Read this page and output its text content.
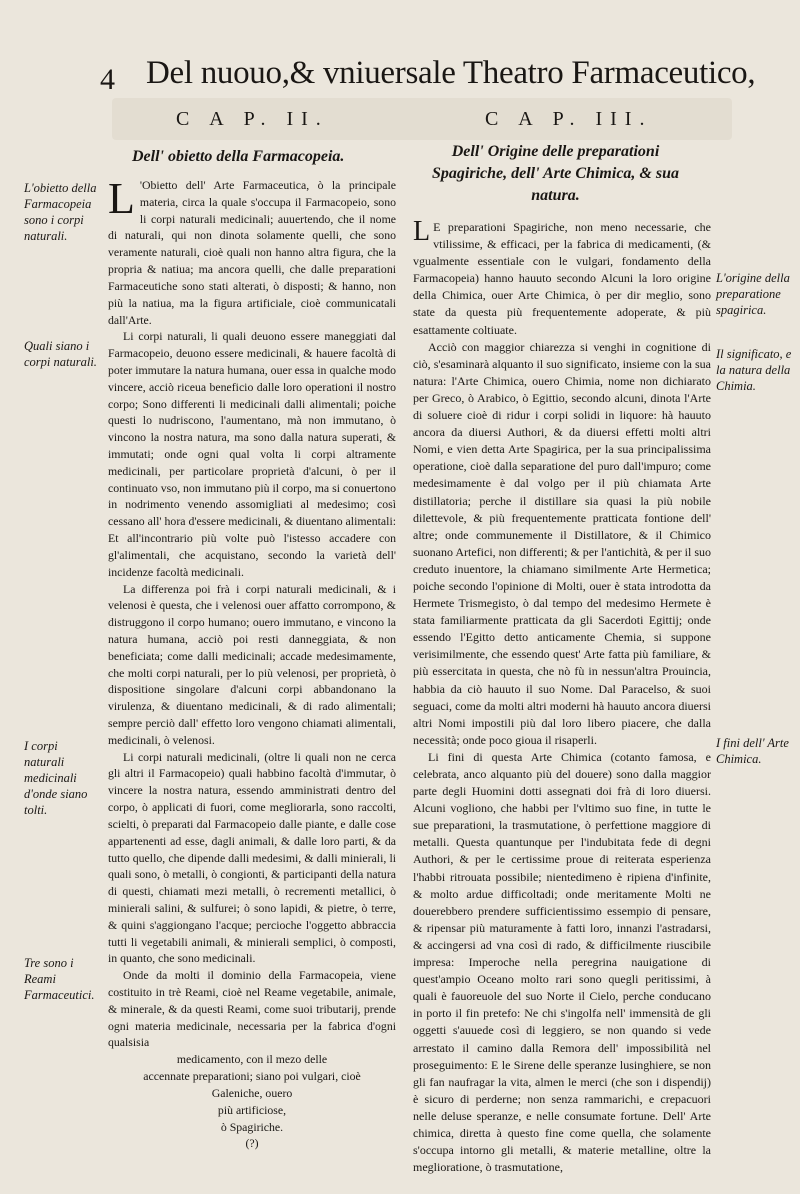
4 Del nuouo,& vniuersale Theatro Farmaceutico,
C A P. II.	C A P. III.
Dell' obietto della Farmacopeia.	Dell' Origine delle preparationi Spagiriche, dell' Arte Chimica, & sua natura.
L'obietto della Farmacopeia sono i corpi naturali.
Quali siano i corpi naturali.
I corpi naturali medicinali d'onde siano tolti.
Tre sono i Reami Farmaceutici.
L'origine della preparatione spagirica.
Il significato, e la natura della Chimia.
I fini dell' Arte Chimica.

L 'Obietto dell' Arte Farmaceutica, ò la principale materia, circa la quale s'occupa il Farmacopeio, sono li corpi naturali medicinali; auuertendo, che il nome di naturali, qui non dinota solamente quelli, che sono veramente naturali, cioè quali non hanno altra figura, che la propria & natiua; ma ancora quelli, che dalle preparationi Farmaceutiche sono stati alterati, ò disposti; & hanno, non più la natiua, ma la figura artificiale, cioè communicatali dall'Arte.

Li corpi naturali, li quali deuono essere maneggiati dal Farmacopeio, deuono essere medicinali, & hauere facoltà di poter immutare la natura humana, ouer essa in qualche modo vincere, acciò riceua beneficio dalle loro operationi il nostro corpo; Sono differenti li medicinali dalli alimentali; poiche questi lo nudriscono, l'aumentano, mà non immutano, ò vincono la nostra natura, ma sono dalla natura superati, & immutati; onde ogni qual volta li corpi altramente medicinali, per particolare proprietà d'alcuni, ò per il continuato vso, non immutano più il corpo, ma si conuertono in nodrimento venendo assomigliati al medesimo; così cessano all' hora d'essere medicinali, & diuentano alimentali: Et all'incontrario più volte può l'istesso accadere con gl'alimentali, che acquistano, secondo la varietà dell' incidenze facoltà medicinali.

La differenza poi frà i corpi naturali medicinali, & i velenosi è questa, che i velenosi ouer affatto corrompono, & distruggono il corpo humano; ouero immutano, e vincono la natura humana, acciò poi resti danneggiata, & non beneficiata; come dalli medicinali; accade medesimamente, che molti corpi naturali, per lo più velenosi, per proprietà, ò dispositione singolare d'alcuni corpi abbandonano la virulenza, & diuentano medicinali, & di rado alimentali; sempre perciò dall' effetto loro vengono chiamati alimentali, medicinali, ò velenosi.

Li corpi naturali medicinali, (oltre li quali non ne cerca gli altri il Farmacopeio) quali habbino facoltà d'immutar, ò vincere la nostra natura, essendo amministrati dentro del corpo, ò applicati di fuori, come megliorarla, sono raccolti, scielti, ò preparati dal Farmacopeio dalle piante, e dalle cose appartenenti ad esse, dagli animali, & dalle loro parti, & da tutto quello, che dipende dalli medesimi, & dalli minierali, li quali sono, ò metalli, ò congionti, & participanti della natura di questi, chiamati mezi metalli, ò recrementi metallici, ò minierali salini, & sulfurei; ò sono lapidi, & pietre, ò terre, & quini s'aggiongano l'acque; percioche l'oggetto abbraccia tutti li vegetabili animali, & minierali semplici, ò composti, in quanto, che sono medicinali.

Onde da molti il dominio della Farmacopeia, viene costituito in trè Reami, cioè nel Reame vegetabile, animale, & minerale, & da questi Reami, come suoi tributarij, prende ogni materia medicinale, necessaria per la fabrica d'ogni qualsisia

medicamento, con il mezo delle

accennate preparationi; siano poi vulgari, cioè

Galeniche, ouero

più artificiose,

ò Spagiriche.

(?)

L E preparationi Spagiriche, non meno necessarie, che vtilissime, & efficaci, per la fabrica di medicamenti, (& vgualmente essentiale con le vulgari, fondamento della Farmacopeia) hanno hauuto secondo Alcuni la loro origine della Chimica, ouer Arte Chimica, ò per dir meglio, sono state da questa più frequentemente adoperate, & più esattamente coltiuate.

Acciò con maggior chiarezza si venghi in cognitione di ciò, s'esaminarà alquanto il suo significato, insieme con la sua natura: l'Arte Chimica, ouero Chimia, nome non dichiarato per Greco, ò Arabico, ò Egittio, secondo alcuni, dinota l'Arte di soluere cioè di ridur i corpi solidi in liquore: hà hauuto ancora da diuersi Authori, & da diuersi effetti molti altri Nomi, e vien detta Arte Spagirica, per la sua principalissima operatione, cioè dalla separatione del puro dall'impuro; come medesimamente è dal volgo per il più chiamata Arte distillatoria; perche il distillare sia quasi la più nobile dilettevole, & più frequentemente pratticata fontione dell' altre; onde communemente il Distillatore, & il Chimico suonano Artefici, non differenti; & per l'antichità, & per il suo creduto inuentore, la chiamano similmente Arte Hermetica; poiche secondo l'opinione di Molti, ouer è stata introdotta da Hermete Trismegisto, ò dal tempo del medesimo Hermete è stata familiarmente pratticata da gli Sacerdoti Egittij; onde essendo l'Egitto detto anticamente Chemia, si suppone verisimilmente, che essendo quest' Arte fatta più familiare, & più essercitata in questa, che nò fù in nessun'altra Prouincia, habbia da ciò hauuto il suo Nome. Dal Paracelso, & suoi seguaci, come da molti altri moderni hà hauuto ancora diuersi altri Nomi impostili più dal loro libero piacere, che dalla necessità; onde poco gioua il risaperli.

Li fini di questa Arte Chimica (cotanto famosa, e celebrata, anco alquanto più del douere) sono dalla maggior parte degli Huomini dotti assegnati doi frà di loro diuersi. Alcuni vogliono, che habbi per l'vltimo suo fine, in tutte le sue preparationi, la trasmutatione, ò perfettione maggiore di metalli. Questa quantunque per l'indubitata fede di degni Authori, & per le certissime proue di reiterata esperienza l'habbi ritrouata possibile; nientedimeno è ripiena d'infinite, & molto ardue difficoltadi; onde meritamente Molti ne douerebbero prendere sufficientissimo essempio di pensare, & ripensar più maturamente à fatti loro, innanzi l'astradarsi, & accingersi ad vna così di rado, & difficilmente riuscibile impresa: Imperoche nella peregrina nauigatione di quest'ampio Oceano molto rari sono quegli peritissimi, à quali è fauoreuole del suo Norte il Cielo, perche conducano in porto il fin pretefo: Ne chi s'ingolfa nell' immensità de gli oggetti s'auuede così di leggiero, se non quando si vede arrestato il camino dalla Remora dell' impossibilità nel proseguimento: E le Sirene delle speranze lusinghiere, se non gli fan naufragar la vita, almen le merci (che son i dispendij) è sicuro di perderne; non senza rammarichi, e crepacuori nelle deluse speranze, e nelle consumate fortune. Dell' Arte chimica, diretta à questo fine come quella, che solamente s'occupa intorno gli metalli, & materie metalline, oltre la meglioratione, ò trasmutatione,
